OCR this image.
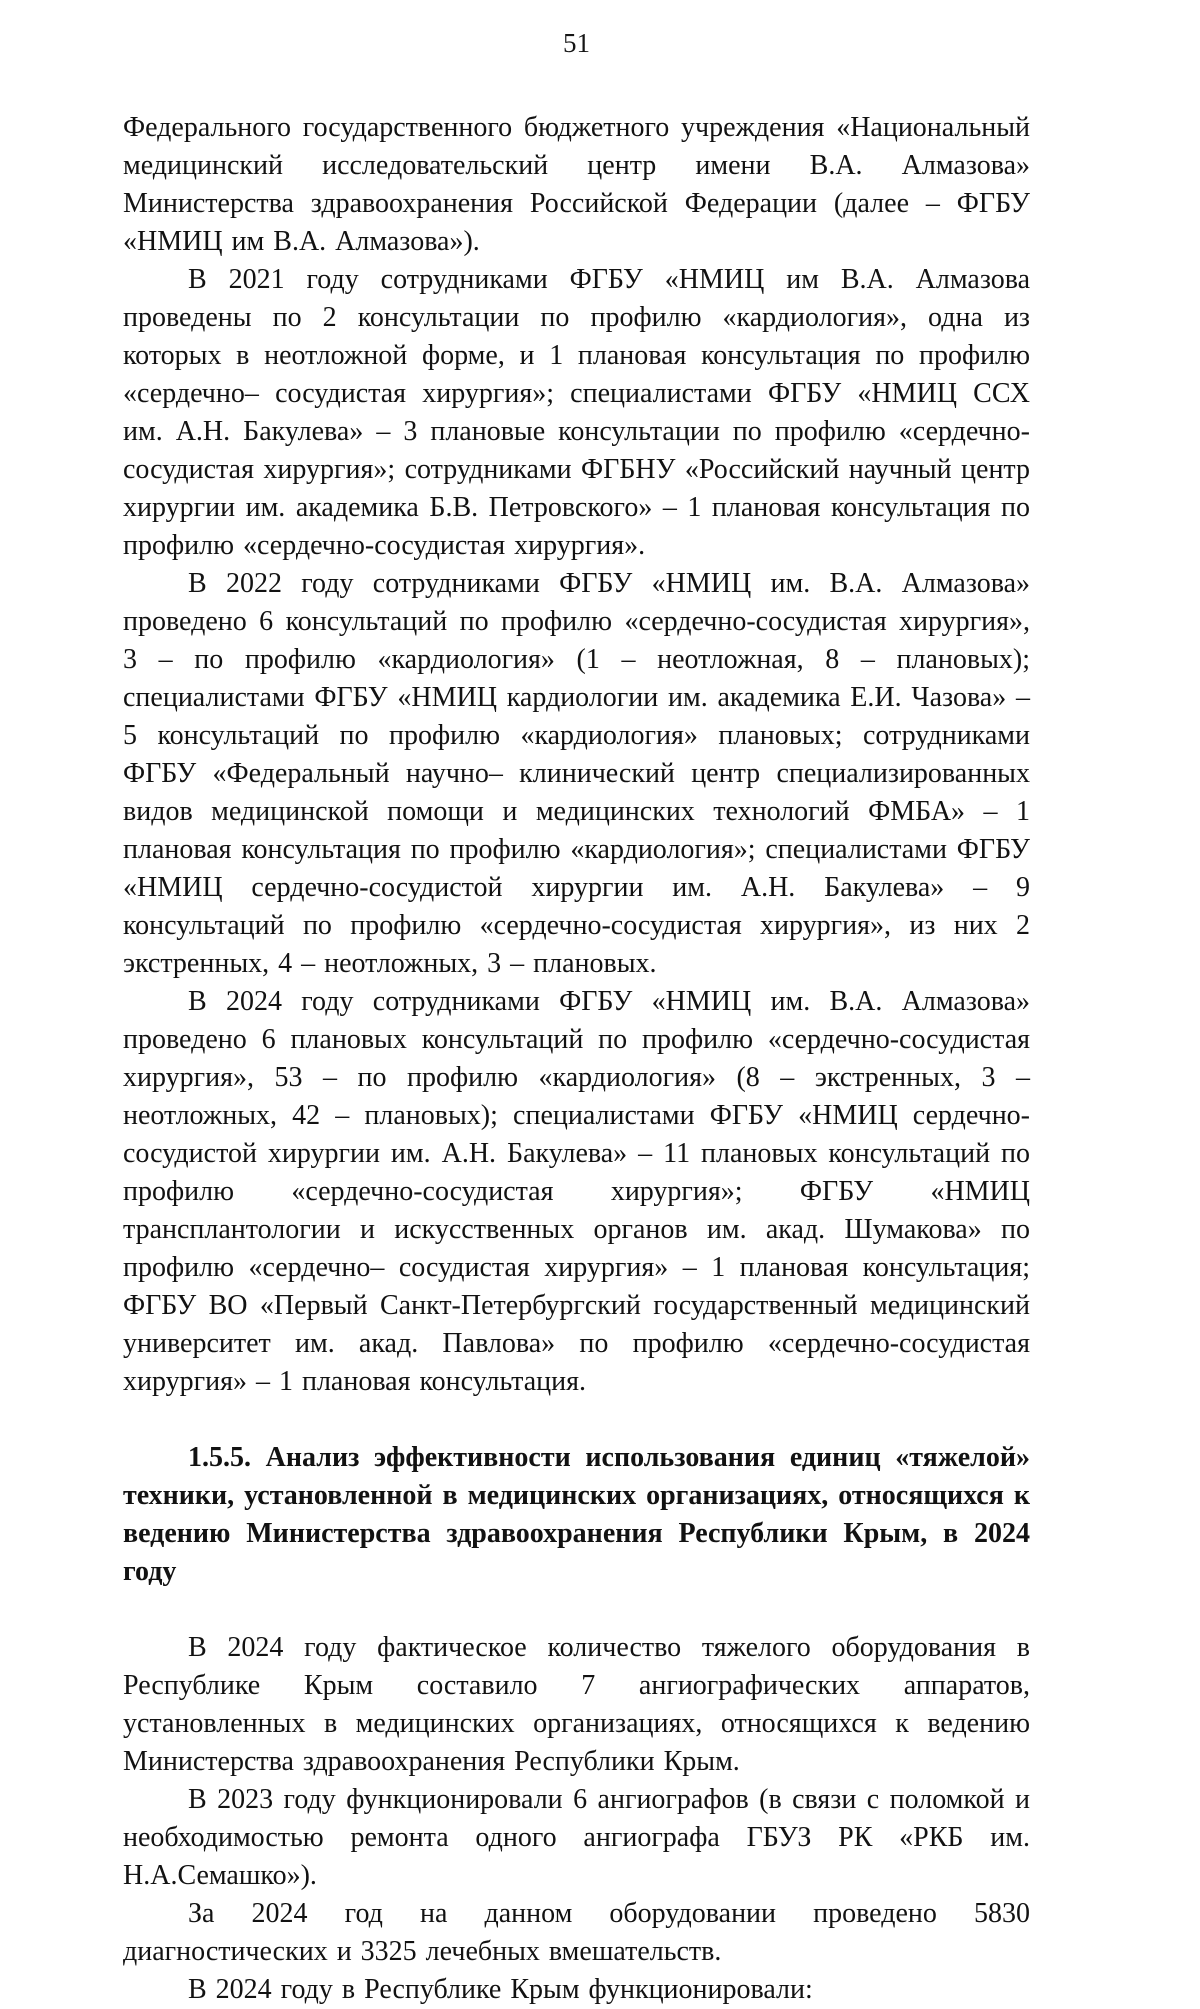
51

Федерального государственного бюджетного учреждения «Национальный медицинский исследовательский центр имени В.А. Алмазова» Министерства здравоохранения Российской Федерации (далее – ФГБУ «НМИЦ им В.А. Алмазова»).

В 2021 году сотрудниками ФГБУ «НМИЦ им В.А. Алмазова проведены по 2 консультации по профилю «кардиология», одна из которых в неотложной форме, и 1 плановая консультация по профилю «сердечно– сосудистая хирургия»; специалистами ФГБУ «НМИЦ ССХ им. А.Н. Бакулева» – 3 плановые консультации по профилю «сердечно-сосудистая хирургия»; сотрудниками ФГБНУ «Российский научный центр хирургии им. академика Б.В. Петровского» – 1 плановая консультация по профилю «сердечно-сосудистая хирургия».

В 2022 году сотрудниками ФГБУ «НМИЦ им. В.А. Алмазова» проведено 6 консультаций по профилю «сердечно-сосудистая хирургия», 3 – по профилю «кардиология» (1 – неотложная, 8 – плановых); специалистами ФГБУ «НМИЦ кардиологии им. академика Е.И. Чазова» – 5 консультаций по профилю «кардиология» плановых; сотрудниками ФГБУ «Федеральный научно– клинический центр специализированных видов медицинской помощи и медицинских технологий ФМБА» – 1 плановая консультация по профилю «кардиология»; специалистами ФГБУ «НМИЦ сердечно-сосудистой хирургии им. А.Н. Бакулева» – 9 консультаций по профилю «сердечно-сосудистая хирургия», из них 2 экстренных, 4 – неотложных, 3 – плановых.

В 2024 году сотрудниками ФГБУ «НМИЦ им. В.А. Алмазова» проведено 6 плановых консультаций по профилю «сердечно-сосудистая хирургия», 53 – по профилю «кардиология» (8 – экстренных, 3 – неотложных, 42 – плановых); специалистами ФГБУ «НМИЦ сердечно-сосудистой хирургии им. А.Н. Бакулева» – 11 плановых консультаций по профилю «сердечно-сосудистая хирургия»; ФГБУ «НМИЦ трансплантологии и искусственных органов им. акад. Шумакова» по профилю «сердечно– сосудистая хирургия» – 1 плановая консультация; ФГБУ ВО «Первый Санкт-Петербургский государственный медицинский университет им. акад. Павлова» по профилю «сердечно-сосудистая хирургия» – 1 плановая консультация.

1.5.5. Анализ эффективности использования единиц «тяжелой» техники, установленной в медицинских организациях, относящихся к ведению Министерства здравоохранения Республики Крым, в 2024 году

В 2024 году фактическое количество тяжелого оборудования в Республике Крым составило 7 ангиографических аппаратов, установленных в медицинских организациях, относящихся к ведению Министерства здравоохранения Республики Крым.

В 2023 году функционировали 6 ангиографов (в связи с поломкой и необходимостью ремонта одного ангиографа ГБУЗ РК «РКБ им. Н.А.Семашко»).

За 2024 год на данном оборудовании проведено 5830 диагностических и 3325 лечебных вмешательств.

В 2024 году в Республике Крым функционировали:
